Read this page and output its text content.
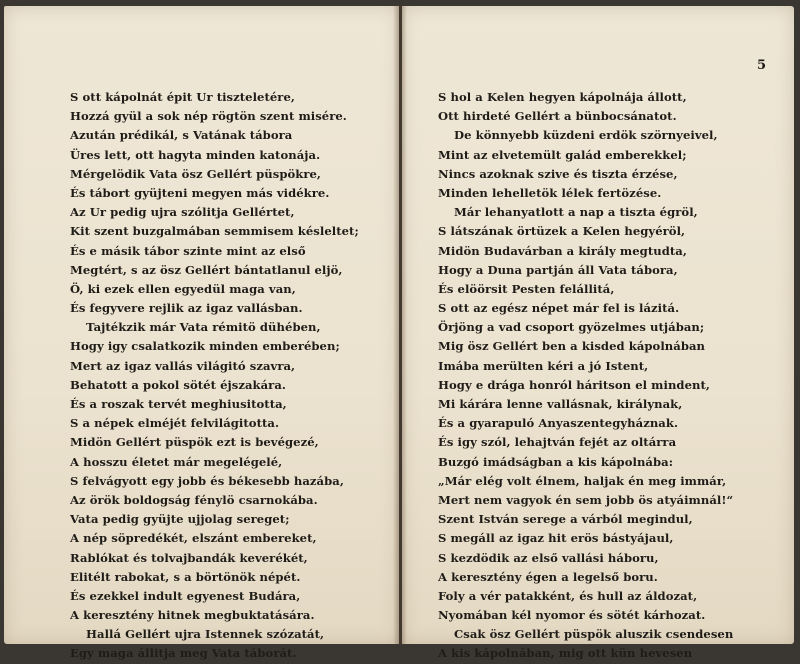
S ott kápolnát épit Ur tiszteletére,
Hozzá gyül a sok nép rögtön szent misére.
Azután prédikál, s Vatának tábora
Üres lett, ott hagyta minden katonája.
Mérgelödik Vata ösz Gellért püspökre,
És tábort gyüjteni megyen más vidékre.
Az Ur pedig ujra szólitja Gellértet,
Kit szent buzgalmában semmisem késleltet;
És e másik tábor szinte mint az első
Megtért, s az ösz Gellért bántatlanul eljö,
Ö, ki ezek ellen egyedül maga van,
És fegyvere rejlik az igaz vallásban.
Tajtékzik már Vata rémitö dühében,
Hogy igy csalatkozik minden emberében;
Mert az igaz vallás világitó szavra,
Behatott a pokol sötét éjszakára.
És a roszak tervét meghiusitotta,
S a népek elméjét felvilágitotta.
Midön Gellért püspök ezt is bevégezé,
A hosszu életet már megelégelé,
S felvágyott egy jobb és békesebb hazába,
Az örök boldogság fénylö csarnokába.
Vata pedig gyüjte ujjolag sereget;
A nép söpredékét, elszánt embereket,
Rablókat és tolvajbandák keverékét,
Elitélt rabokat, s a börtönök népét.
És ezekkel indult egyenest Budára,
A keresztény hitnek megbuktatására.
Hallá Gellért ujra Istennek szózatát,
Egy maga állitja meg Vata táborát.
5
S hol a Kelen hegyen kápolnája állott,
Ott hirdeté Gellért a bünbocsánatot.
De könnyebb küzdeni erdök szörnyeivel,
Mint az elvetemült galád emberekkel;
Nincs azoknak szive és tiszta érzése,
Minden lehelletök lélek fertözése.
Már lehanyatlott a nap a tiszta égröl,
S látszának örtüzek a Kelen hegyéröl,
Midön Budavárban a király megtudta,
Hogy a Duna partján áll Vata tábora,
És elöörsit Pesten felállitá,
S ott az egész népet már fel is lázitá.
Örjöng a vad csoport gyözelmes utjában;
Mig ösz Gellért ben a kisded kápolnában
Imába merülten kéri a jó Istent,
Hogy e drága honról háritson el mindent,
Mi kárára lenne vallásnak, királynak,
És a gyarapuló Anyaszentegyháznak.
És igy szól, lehajtván fejét az oltárra
Buzgó imádságban a kis kápolnába:
„Már elég volt élnem, haljak én meg immár,
Mert nem vagyok én sem jobb ös atyáimnál!“
Szent István serege a várból megindul,
S megáll az igaz hit erös bástyájaul,
S kezdödik az első vallási háboru,
A keresztény égen a legelső boru.
Foly a vér patakként, és hull az áldozat,
Nyomában kél nyomor és sötét kárhozat.
Csak ösz Gellért püspök aluszik csendesen
A kis kápolnában, mig ott kün hevesen
